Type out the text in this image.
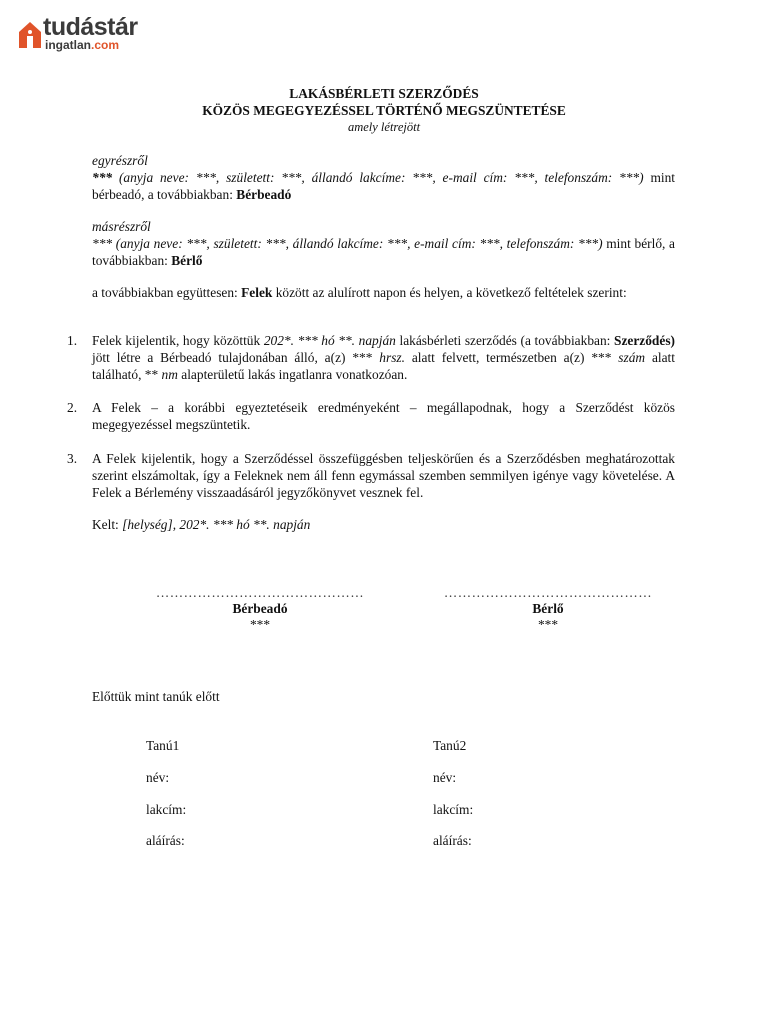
tudástár
ingatlan.com
LAKÁSBÉRLETI SZERZŐDÉS
KÖZÖS MEGEGYEZÉSSEL TÖRTÉNŐ MEGSZÜNTETÉSE
amely létrejött
egyrészről
*** (anyja neve: ***, született: ***, állandó lakcíme: ***, e-mail cím: ***, telefonszám: ***) mint bérbeadó, a továbbiakban: Bérbeadó
másrészről
*** (anyja neve: ***, született: ***, állandó lakcíme: ***, e-mail cím: ***, telefonszám: ***) mint bérlő, a továbbiakban: Bérlő
a továbbiakban együttesen: Felek között az alulírott napon és helyen, a következő feltételek szerint:
1. Felek kijelentik, hogy közöttük 202*. *** hó **. napján lakásbérleti szerződés (a továbbiakban: Szerződés) jött létre a Bérbeadó tulajdonában álló, a(z) *** hrsz. alatt felvett, természetben a(z) *** szám alatt található, ** nm alapterületű lakás ingatlanra vonatkozóan.
2. A Felek – a korábbi egyeztetéseik eredményeként – megállapodnak, hogy a Szerződést közös megegyezéssel megszüntetik.
3. A Felek kijelentik, hogy a Szerződéssel összefüggésben teljeskörűen és a Szerződésben meghatározottak szerint elszámoltak, így a Feleknek nem áll fenn egymással szemben semmilyen igénye vagy követelése. A Felek a Bérlemény visszaadásáról jegyzőkönyvet vesznek fel.
Kelt: [helység], 202*. *** hó **. napján
………………………………………
Bérbeadó
***
………………………………………
Bérlő
***
Előttük mint tanúk előtt
Tanú1
név:
lakcím:
aláírás:
Tanú2
név:
lakcím:
aláírás:
